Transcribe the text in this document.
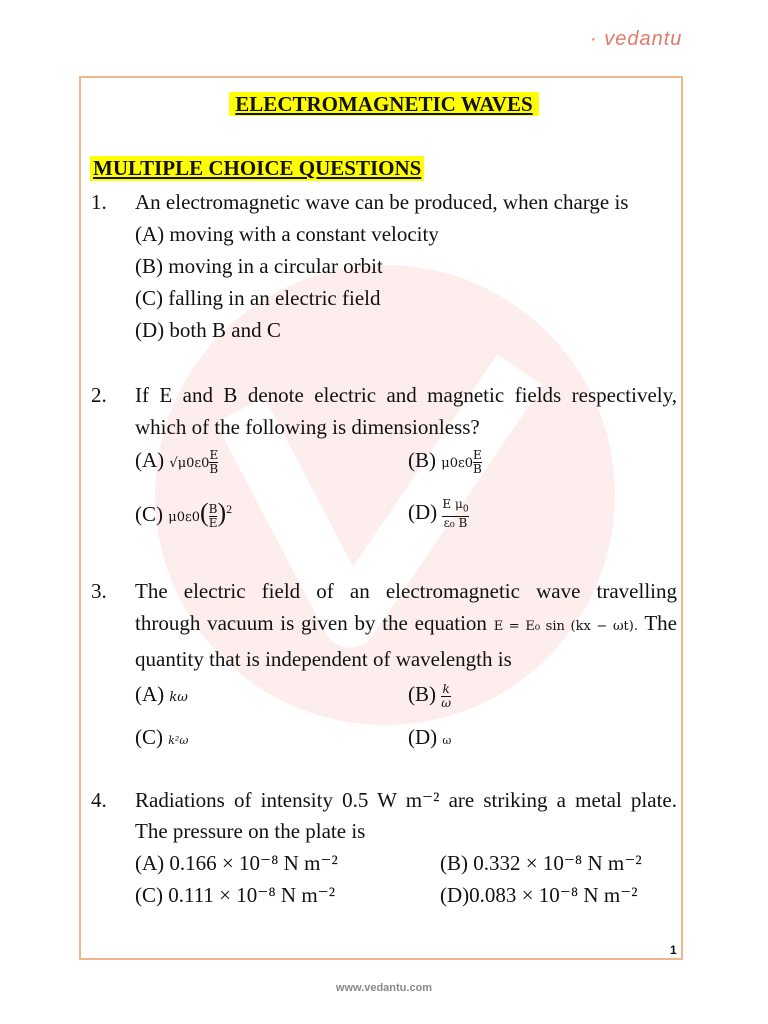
· vedantu
ELECTROMAGNETIC WAVES
MULTIPLE CHOICE QUESTIONS
1. An electromagnetic wave can be produced, when charge is
(A) moving with a constant velocity
(B) moving in a circular orbit
(C) falling in an electric field
(D) both B and C
2. If E and B denote electric and magnetic fields respectively,
which of the following is dimensionless?
(A) $√\mu 0\varepsilon 0 \frac{E}{B}$	(B) $\mu 0\varepsilon 0 \frac{E}{B}$
(C) $\mu 0\varepsilon 0( \frac{B}{E} )^2$	$(D) \frac{E \mu_0}{\text{ε₀ B}}$
3. The electric field of an electromagnetic wave travelling
through vacuum is given by the equation E = E₀ sin (kx − ωt). The
quantity that is independent of wavelength is
(A) kω	$(B) \frac{k}{\omega}$
(C) k²ω	(D) ω
4. Radiations of intensity 0.5 W m⁻² are striking a metal plate.
The pressure on the plate is
(A) 0.166 × 10⁻⁸ N m⁻²	(B) 0.332 × 10⁻⁸ N m⁻²
(C) 0.111 × 10⁻⁸ N m⁻²	(D)0.083 × 10⁻⁸ N m⁻²
1
www.vedantu.com
